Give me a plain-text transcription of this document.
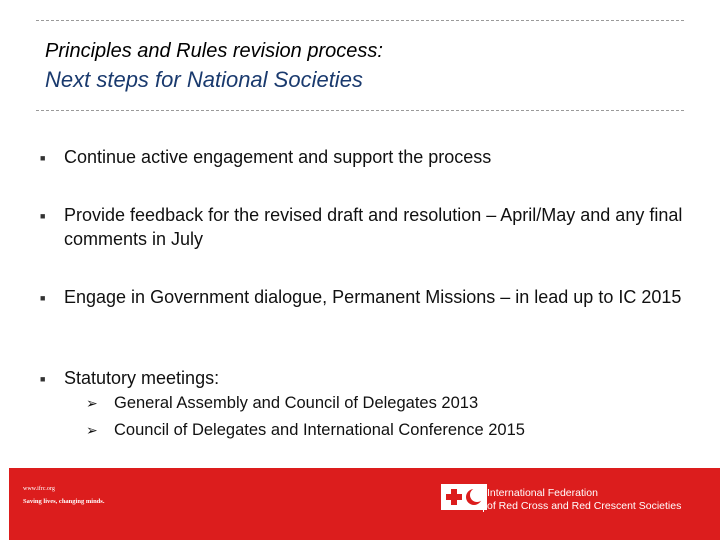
Principles and Rules revision process:
Next steps for National Societies
■	Continue active engagement and support the process
■	Provide feedback for the revised draft and resolution – April/May and any final comments in July
■	Engage in Government dialogue, Permanent Missions – in lead up to IC 2015
■	Statutory meetings:
➢ General Assembly and Council of Delegates 2013
➢ Council of Delegates and International Conference 2015
www.ifrc.org
Saving lives, changing minds.
International Federation
of Red Cross and Red Crescent Societies
